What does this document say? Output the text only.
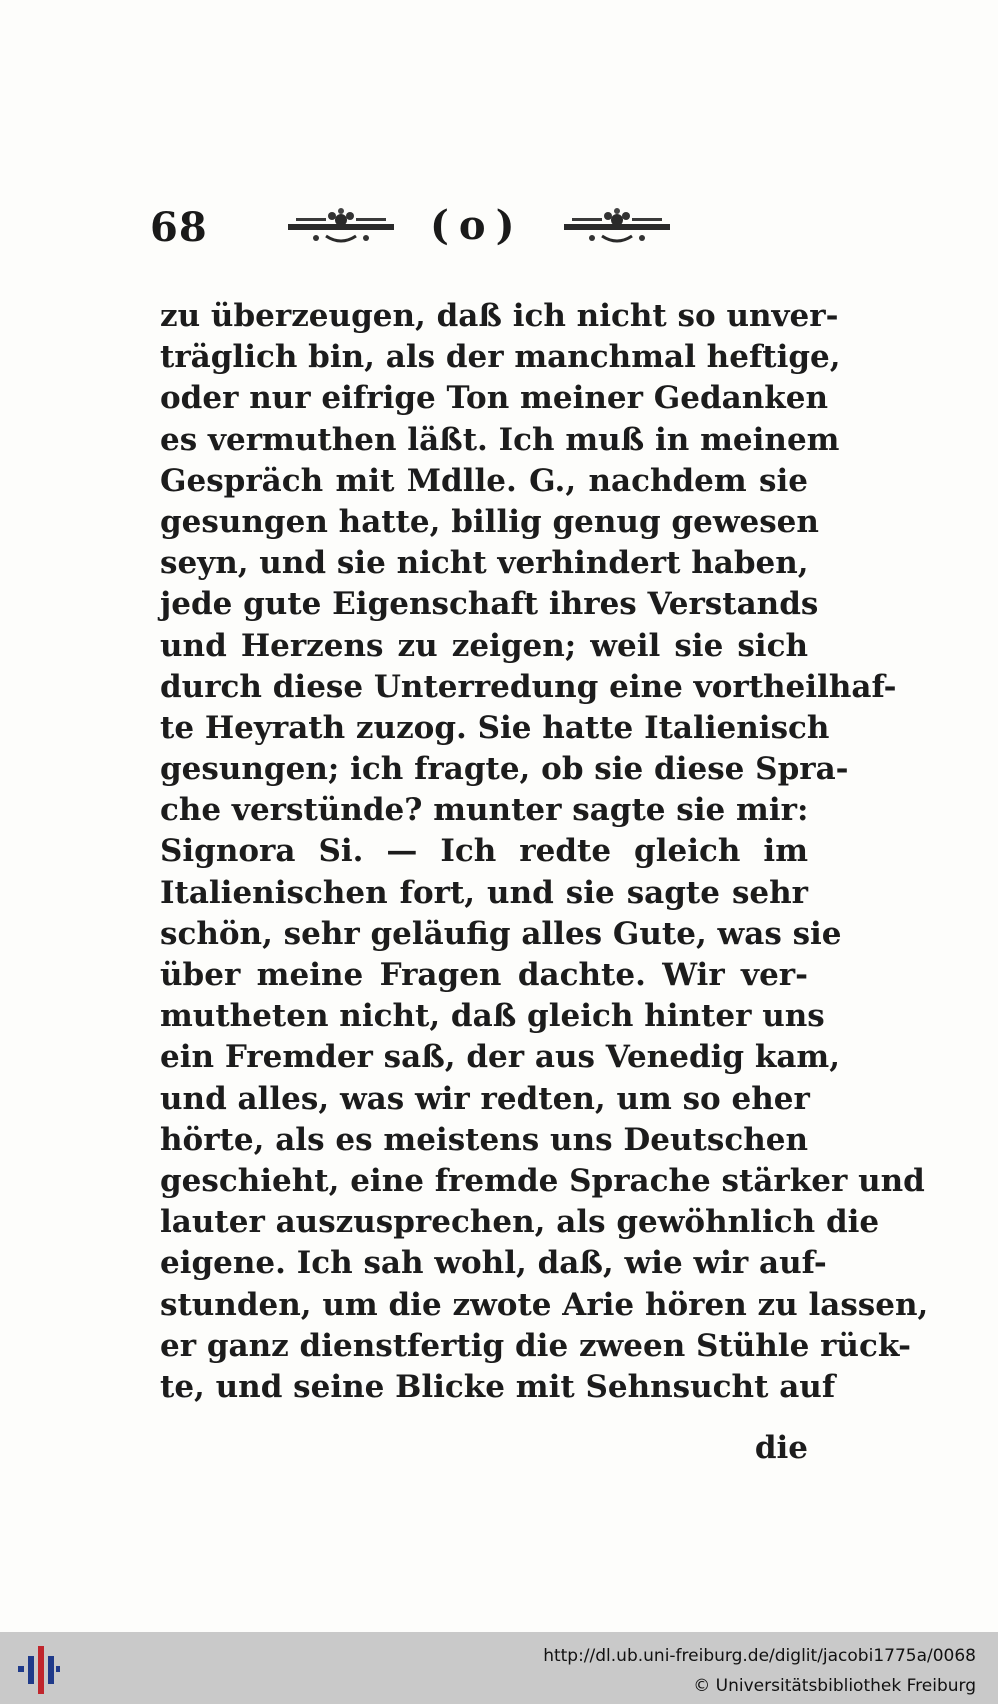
68	(o)
zu überzeugen, daß ich nicht so unver-
träglich bin, als der manchmal heftige,
oder nur eifrige Ton meiner Gedanken
es vermuthen läßt. Ich muß in meinem
Gespräch mit Mdlle. G., nachdem sie
gesungen hatte, billig genug gewesen
seyn, und sie nicht verhindert haben,
jede gute Eigenschaft ihres Verstands
und Herzens zu zeigen; weil sie sich
durch diese Unterredung eine vortheilhaf-
te Heyrath zuzog. Sie hatte Italienisch
gesungen; ich fragte, ob sie diese Spra-
che verstünde? munter sagte sie mir:
Signora Si. — Ich redte gleich im
Italienischen fort, und sie sagte sehr
schön, sehr geläufig alles Gute, was sie
über meine Fragen dachte. Wir ver-
mutheten nicht, daß gleich hinter uns
ein Fremder saß, der aus Venedig kam,
und alles, was wir redten, um so eher
hörte, als es meistens uns Deutschen
geschieht, eine fremde Sprache stärker und
lauter auszusprechen, als gewöhnlich die
eigene. Ich sah wohl, daß, wie wir auf-
stunden, um die zwote Arie hören zu lassen,
er ganz dienstfertig die zween Stühle rück-
te, und seine Blicke mit Sehnsucht auf
die
http://dl.ub.uni-freiburg.de/diglit/jacobi1775a/0068
© Universitätsbibliothek Freiburg
